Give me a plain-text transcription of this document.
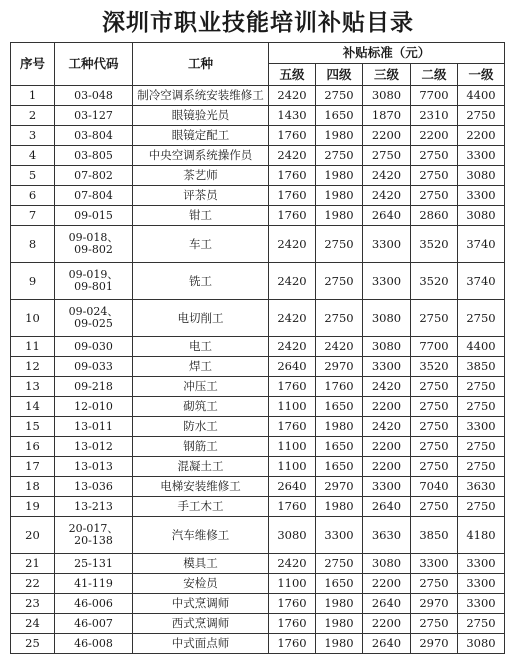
深圳市职业技能培训补贴目录
序号	工种代码	工种	补贴标准（元）				
			五级	四级	三级	二级	一级
1	03-048	制冷空调系统安装维修工	2420	2750	3080	7700	4400
2	03-127	眼镜验光员	1430	1650	1870	2310	2750
3	03-804	眼镜定配工	1760	1980	2200	2200	2200
4	03-805	中央空调系统操作员	2420	2750	2750	2750	3300
5	07-802	茶艺师	1760	1980	2420	2750	3080
6	07-804	评茶员	1760	1980	2420	2750	3300
7	09-015	钳工	1760	1980	2640	2860	3080
8	09-018、
09-802	车工	2420	2750	3300	3520	3740
9	09-019、
09-801	铣工	2420	2750	3300	3520	3740
10	09-024、
09-025	电切削工	2420	2750	3080	2750	2750
11	09-030	电工	2420	2420	3080	7700	4400
12	09-033	焊工	2640	2970	3300	3520	3850
13	09-218	冲压工	1760	1760	2420	2750	2750
14	12-010	砌筑工	1100	1650	2200	2750	2750
15	13-011	防水工	1760	1980	2420	2750	3300
16	13-012	钢筋工	1100	1650	2200	2750	2750
17	13-013	混凝土工	1100	1650	2200	2750	2750
18	13-036	电梯安装维修工	2640	2970	3300	7040	3630
19	13-213	手工木工	1760	1980	2640	2750	2750
20	20-017、
20-138	汽车维修工	3080	3300	3630	3850	4180
21	25-131	模具工	2420	2750	3080	3300	3300
22	41-119	安检员	1100	1650	2200	2750	3300
23	46-006	中式烹调师	1760	1980	2640	2970	3300
24	46-007	西式烹调师	1760	1980	2200	2750	2750
25	46-008	中式面点师	1760	1980	2640	2970	3080
